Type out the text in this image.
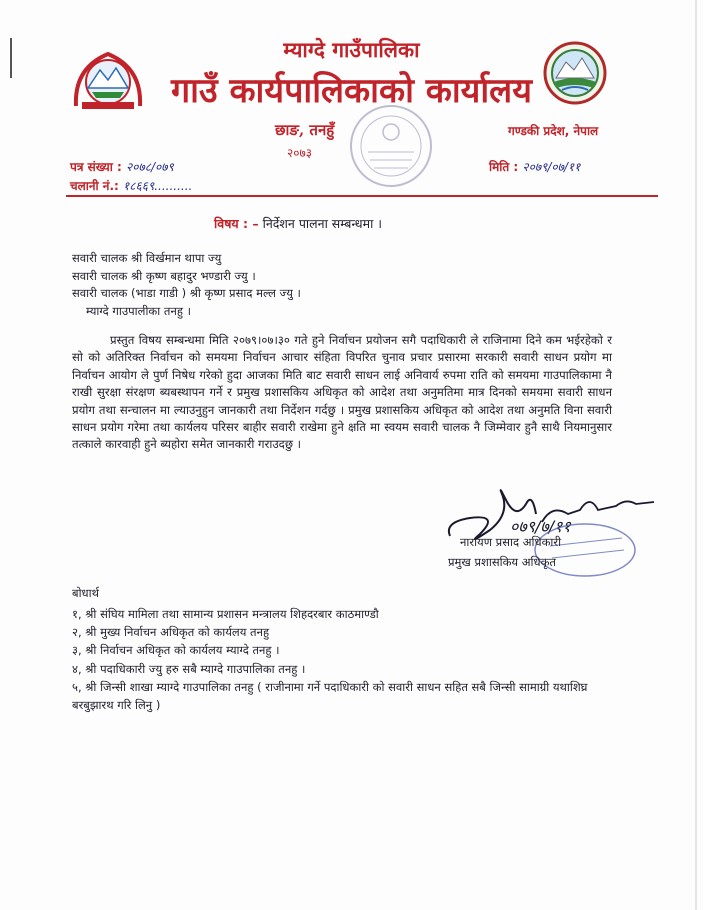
म्याग्दे गाउँपालिका
गाउँ कार्यपालिकाको कार्यालय
छाङ, तनहुँ
२०७३
गण्डकी प्रदेश, नेपाल
पत्र संख्या : २०७८/०७९
चलानी नं.: १८६६९..........
मिति : २०७९/०७/११
विषय : – निर्देशन पालना सम्बन्धमा ।
सवारी चालक श्री विर्खमान थापा ज्यु
सवारी चालक श्री कृष्ण बहादुर भण्डारी ज्यु ।
सवारी चालक (भाडा गाडी ) श्री कृष्ण प्रसाद मल्ल ज्यु ।
म्याग्दे गाउपालीका तनहु ।
प्रस्तुत विषय सम्बन्धमा मिति २०७९।०७।३० गते हुने निर्वाचन प्रयोजन सगै पदाधिकारी ले राजिनामा दिने कम भईरहेको र सो को अतिरिक्त निर्वाचन को समयमा निर्वाचन आचार संहिता विपरित चुनाव प्रचार प्रसारमा सरकारी सवारी साधन प्रयोग मा निर्वाचन आयोग ले पुर्ण निषेध गरेको हुदा आजका मिति बाट सवारी साधन लाई अनिवार्य रुपमा राति को समयमा गाउपालिकामा नै राखी सुरक्षा संरक्षण ब्यबस्थापन गर्ने र प्रमुख प्रशासकिय अधिकृत को आदेश तथा अनुमतिमा मात्र दिनको समयमा सवारी साधन प्रयोग तथा सन्चालन मा ल्याउनुहुन जानकारी तथा निर्देशन गर्दछु । प्रमुख प्रशासकिय अधिकृत को आदेश तथा अनुमति विना सवारी साधन प्रयोग गरेमा तथा कार्यलय परिसर बाहीर सवारी राखेमा हुने क्षति मा स्वयम सवारी चालक नै जिम्मेवार हुनै साथै नियमानुसार तत्काले कारवाही हुने ब्यहोरा समेत जानकारी गराउदछु ।
०७९/७/११
नारायण प्रसाद अधिकारी
प्रमुख प्रशासकिय अधिकृत
बोधार्थ
१, श्री संघिय मामिला तथा सामान्य प्रशासन मन्त्रालय शिहदरबार काठमाण्डौ
२, श्री मुख्य निर्वाचन अधिकृत को कार्यलय तनहु
३, श्री निर्वाचन अधिकृत को कार्यलय म्याग्दे तनहु ।
४, श्री पदाधिकारी ज्यु हरु सबै म्याग्दे गाउपालिका तनहु ।
५, श्री जिन्सी शाखा म्याग्दे गाउपालिका तनहु ( राजीनामा गर्ने पदाधिकारी को सवारी साधन सहित सबै जिन्सी सामाग्री यथाशिघ्र बरबुझारथ गरि लिनु )
